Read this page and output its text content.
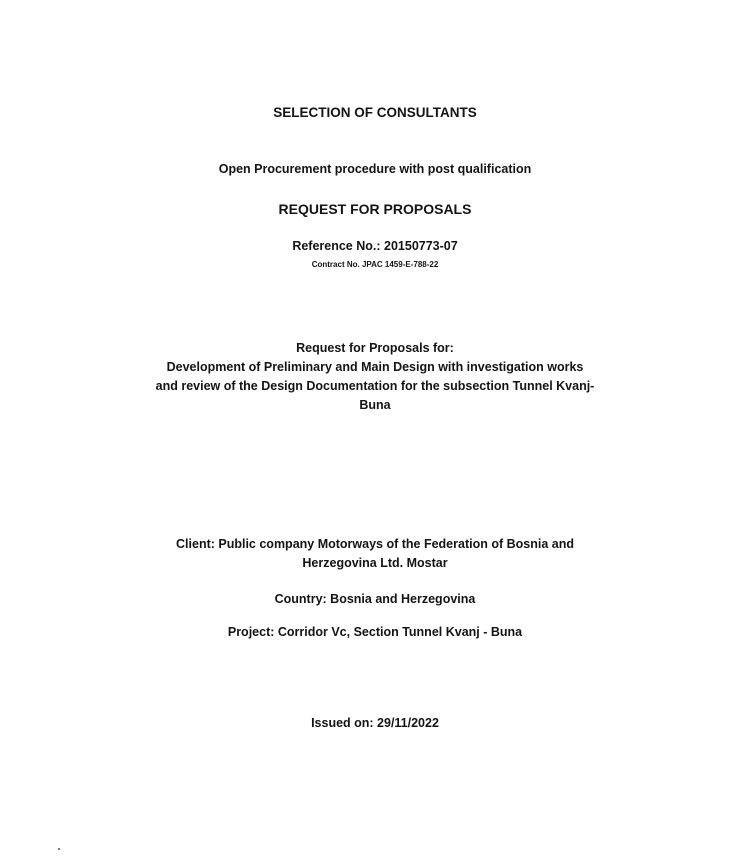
SELECTION OF CONSULTANTS
Open Procurement procedure with post qualification
REQUEST FOR PROPOSALS
Reference No.: 20150773-07
Contract No. JPAC 1459-E-788-22
Request for Proposals for:
Development of Preliminary and Main Design with investigation works
and review of the Design Documentation for the subsection Tunnel Kvanj-
Buna
Client: Public company Motorways of the Federation of Bosnia and
Herzegovina Ltd. Mostar
Country: Bosnia and Herzegovina
Project: Corridor Vc, Section Tunnel Kvanj - Buna
Issued on: 29/11/2022
